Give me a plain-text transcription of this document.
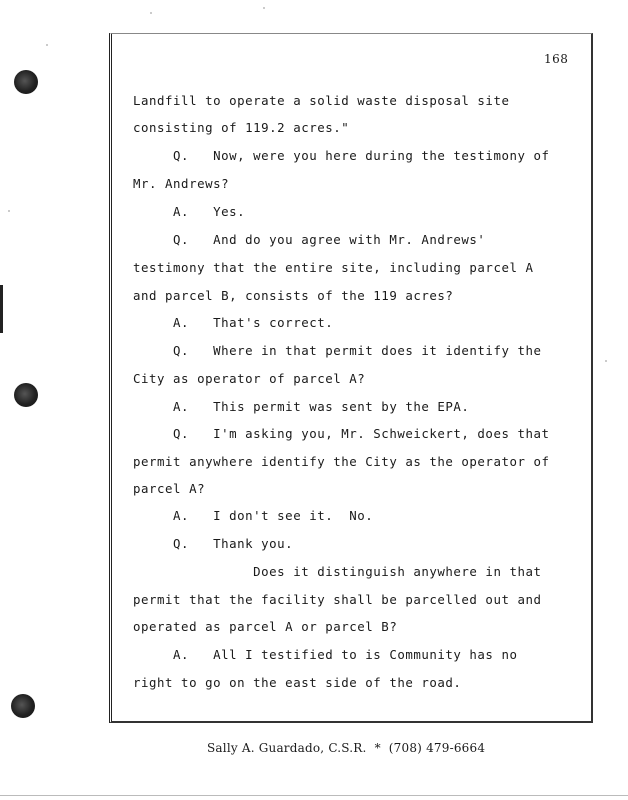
168
Landfill to operate a solid waste disposal site
consisting of 119.2 acres."
Q.   Now, were you here during the testimony of
Mr. Andrews?
A.   Yes.
Q.   And do you agree with Mr. Andrews'
testimony that the entire site, including parcel A
and parcel B, consists of the 119 acres?
A.   That's correct.
Q.   Where in that permit does it identify the
City as operator of parcel A?
A.   This permit was sent by the EPA.
Q.   I'm asking you, Mr. Schweickert, does that
permit anywhere identify the City as the operator of
parcel A?
A.   I don't see it.  No.
Q.   Thank you.
Does it distinguish anywhere in that
permit that the facility shall be parcelled out and
operated as parcel A or parcel B?
A.   All I testified to is Community has no
right to go on the east side of the road.
Sally A. Guardado, C.S.R.  *  (708) 479-6664
